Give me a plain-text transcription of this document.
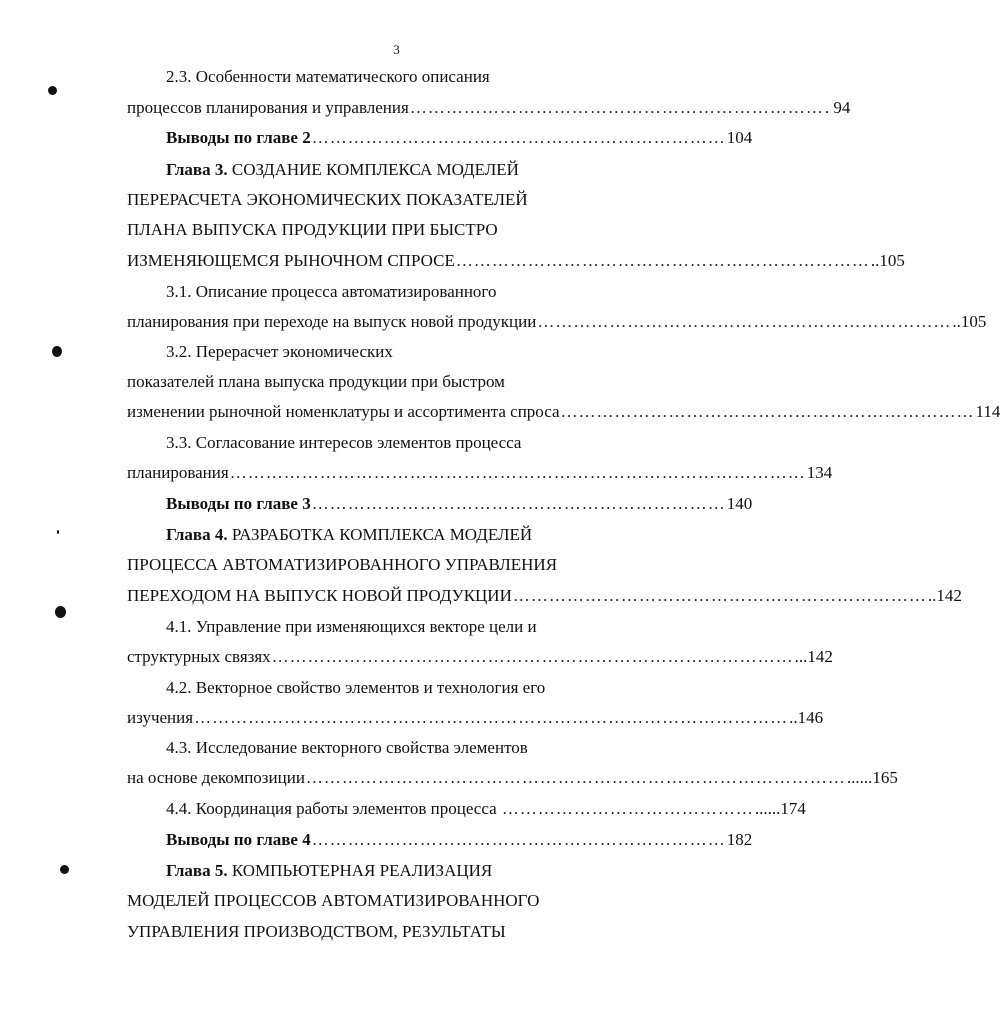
3
2.3. Особенности математического описания
процессов планирования и управления …………………………………………………………… . 94
Выводы по главе 2 …………………………………………………………… 104
Глава 3. СОЗДАНИЕ КОМПЛЕКСА МОДЕЛЕЙ
ПЕРЕРАСЧЕТА ЭКОНОМИЧЕСКИХ ПОКАЗАТЕЛЕЙ
ПЛАНА ВЫПУСКА ПРОДУКЦИИ ПРИ БЫСТРО
ИЗМЕНЯЮЩЕМСЯ РЫНОЧНОМ СПРОСЕ …………………………………………………………… ..105
3.1. Описание процесса автоматизированного
планирования при переходе на выпуск новой продукции …………………………………………………………… ..105
3.2. Перерасчет экономических
показателей плана выпуска продукции при быстром
изменении рыночной номенклатуры и ассортимента спроса …………………………………………………………… 114
3.3. Согласование интересов элементов процесса
планирования …………………………………………………………………………………… 134
Выводы по главе 3 …………………………………………………………… 140
Глава 4. РАЗРАБОТКА КОМПЛЕКСА МОДЕЛЕЙ
ПРОЦЕССА АВТОМАТИЗИРОВАННОГО УПРАВЛЕНИЯ
ПЕРЕХОДОМ НА ВЫПУСК НОВОЙ ПРОДУКЦИИ …………………………………………………………… ..142
4.1. Управление при изменяющихся векторе цели и
структурных связях …………………………………………………………………………… ...142
4.2. Векторное свойство элементов и технология его
изучения ……………………………………………………………………………………… ..146
4.3. Исследование векторного свойства элементов
на основе декомпозиции ……………………………………………………………………………… ......165
4.4. Координация работы элементов процесса …………………………………… ......174
Выводы по главе 4 …………………………………………………………… 182
Глава 5. КОМПЬЮТЕРНАЯ РЕАЛИЗАЦИЯ
МОДЕЛЕЙ ПРОЦЕССОВ АВТОМАТИЗИРОВАННОГО
УПРАВЛЕНИЯ ПРОИЗВОДСТВОМ, РЕЗУЛЬТАТЫ
